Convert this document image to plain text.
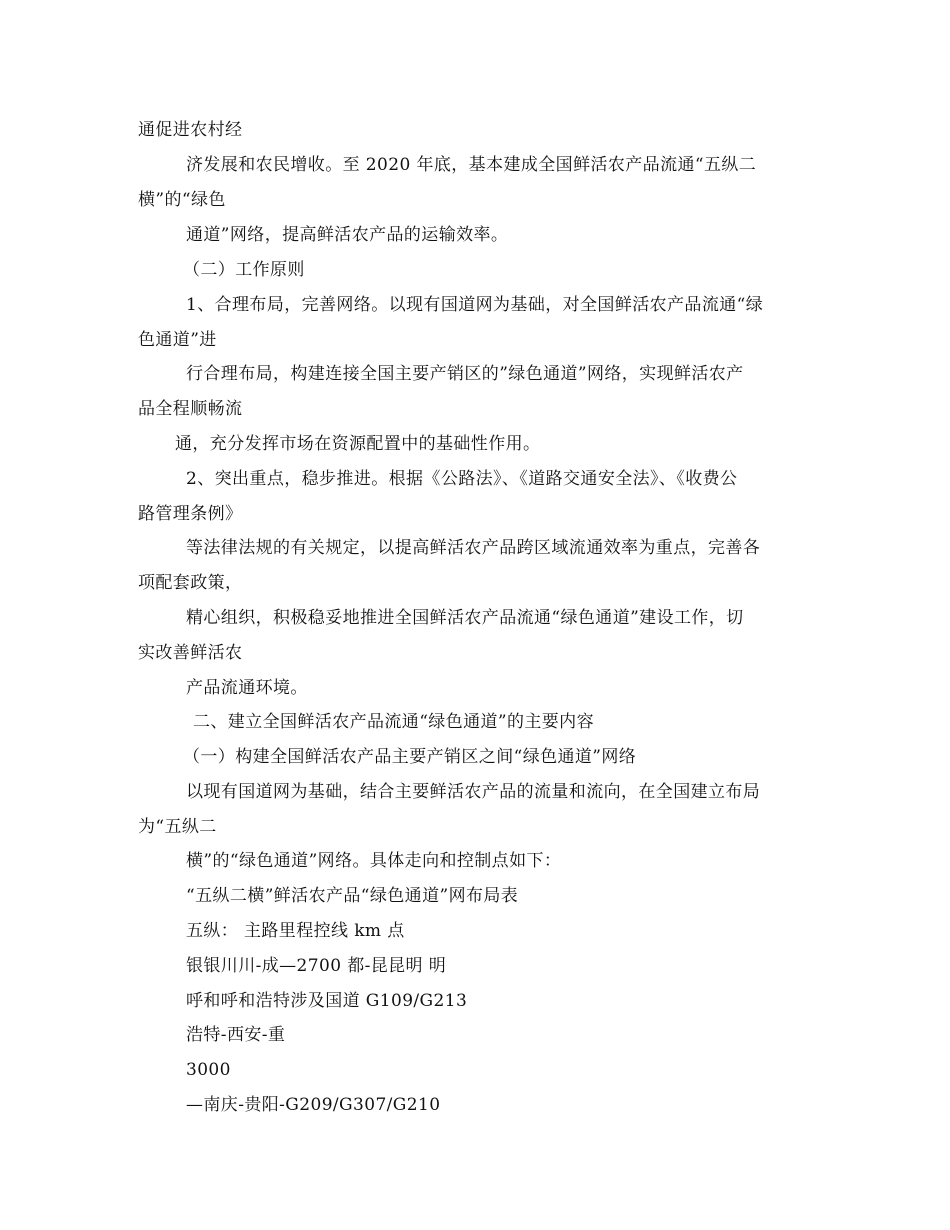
通促进农村经
济发展和农民增收。至 2020 年底，基本建成全国鲜活农产品流通“五纵二
横”的“绿色
通道”网络，提高鲜活农产品的运输效率。
（二）工作原则
1、合理布局，完善网络。以现有国道网为基础，对全国鲜活农产品流通“绿
色通道”进
行合理布局，构建连接全国主要产销区的”绿色通道”网络，实现鲜活农产
品全程顺畅流
通，充分发挥市场在资源配置中的基础性作用。
2、突出重点，稳步推进。根据《公路法》、《道路交通安全法》、《收费公
路管理条例》
等法律法规的有关规定，以提高鲜活农产品跨区域流通效率为重点，完善各
项配套政策，
精心组织，积极稳妥地推进全国鲜活农产品流通“绿色通道”建设工作，切
实改善鲜活农
产品流通环境。
二、建立全国鲜活农产品流通“绿色通道”的主要内容
（一）构建全国鲜活农产品主要产销区之间“绿色通道”网络
以现有国道网为基础，结合主要鲜活农产品的流量和流向，在全国建立布局
为“五纵二
横”的“绿色通道”网络。具体走向和控制点如下：
“五纵二横”鲜活农产品“绿色通道”网布局表
五纵： 主路里程控线 km 点
银银川川-成—2700 都-昆昆明 明
呼和呼和浩特涉及国道 G109/G213
浩特-西安-重
3000
—南庆-贵阳-G209/G307/G210
